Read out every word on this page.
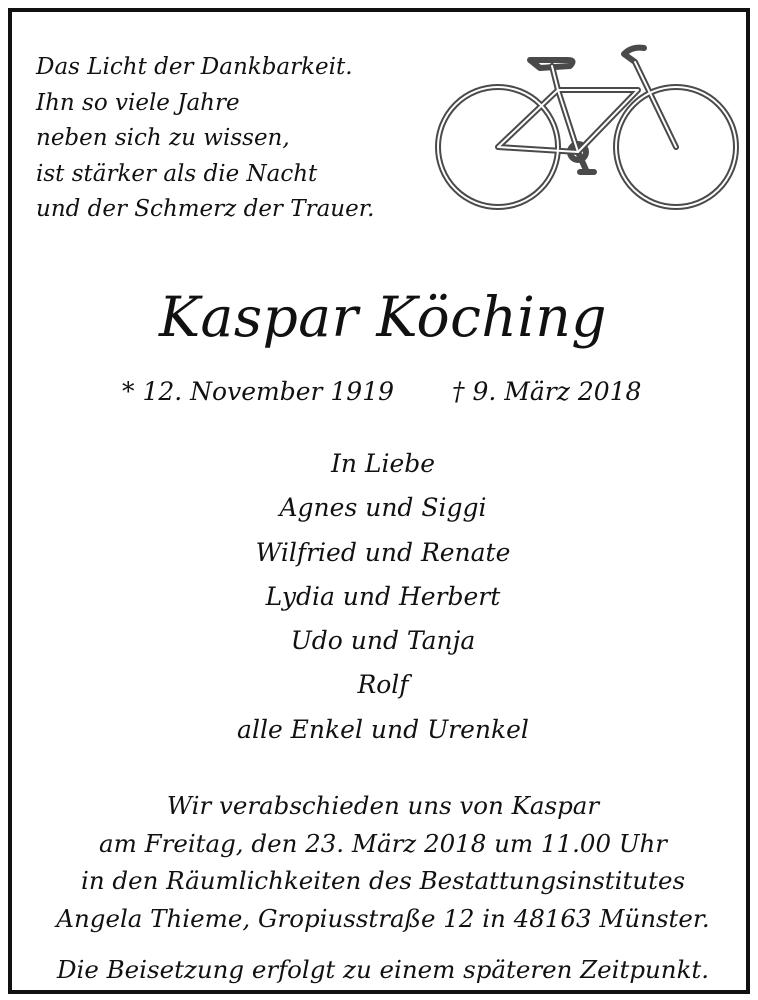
Das Licht der Dankbarkeit.
Ihn so viele Jahre
neben sich zu wissen,
ist stärker als die Nacht
und der Schmerz der Trauer.
Kaspar Köching
* 12. November 1919 † 9. März 2018
In Liebe
Agnes und Siggi
Wilfried und Renate
Lydia und Herbert
Udo und Tanja
Rolf
alle Enkel und Urenkel
Wir verabschieden uns von Kaspar
am Freitag, den 23. März 2018 um 11.00 Uhr
in den Räumlichkeiten des Bestattungsinstitutes
Angela Thieme, Gropiusstraße 12 in 48163 Münster.
Die Beisetzung erfolgt zu einem späteren Zeitpunkt.
